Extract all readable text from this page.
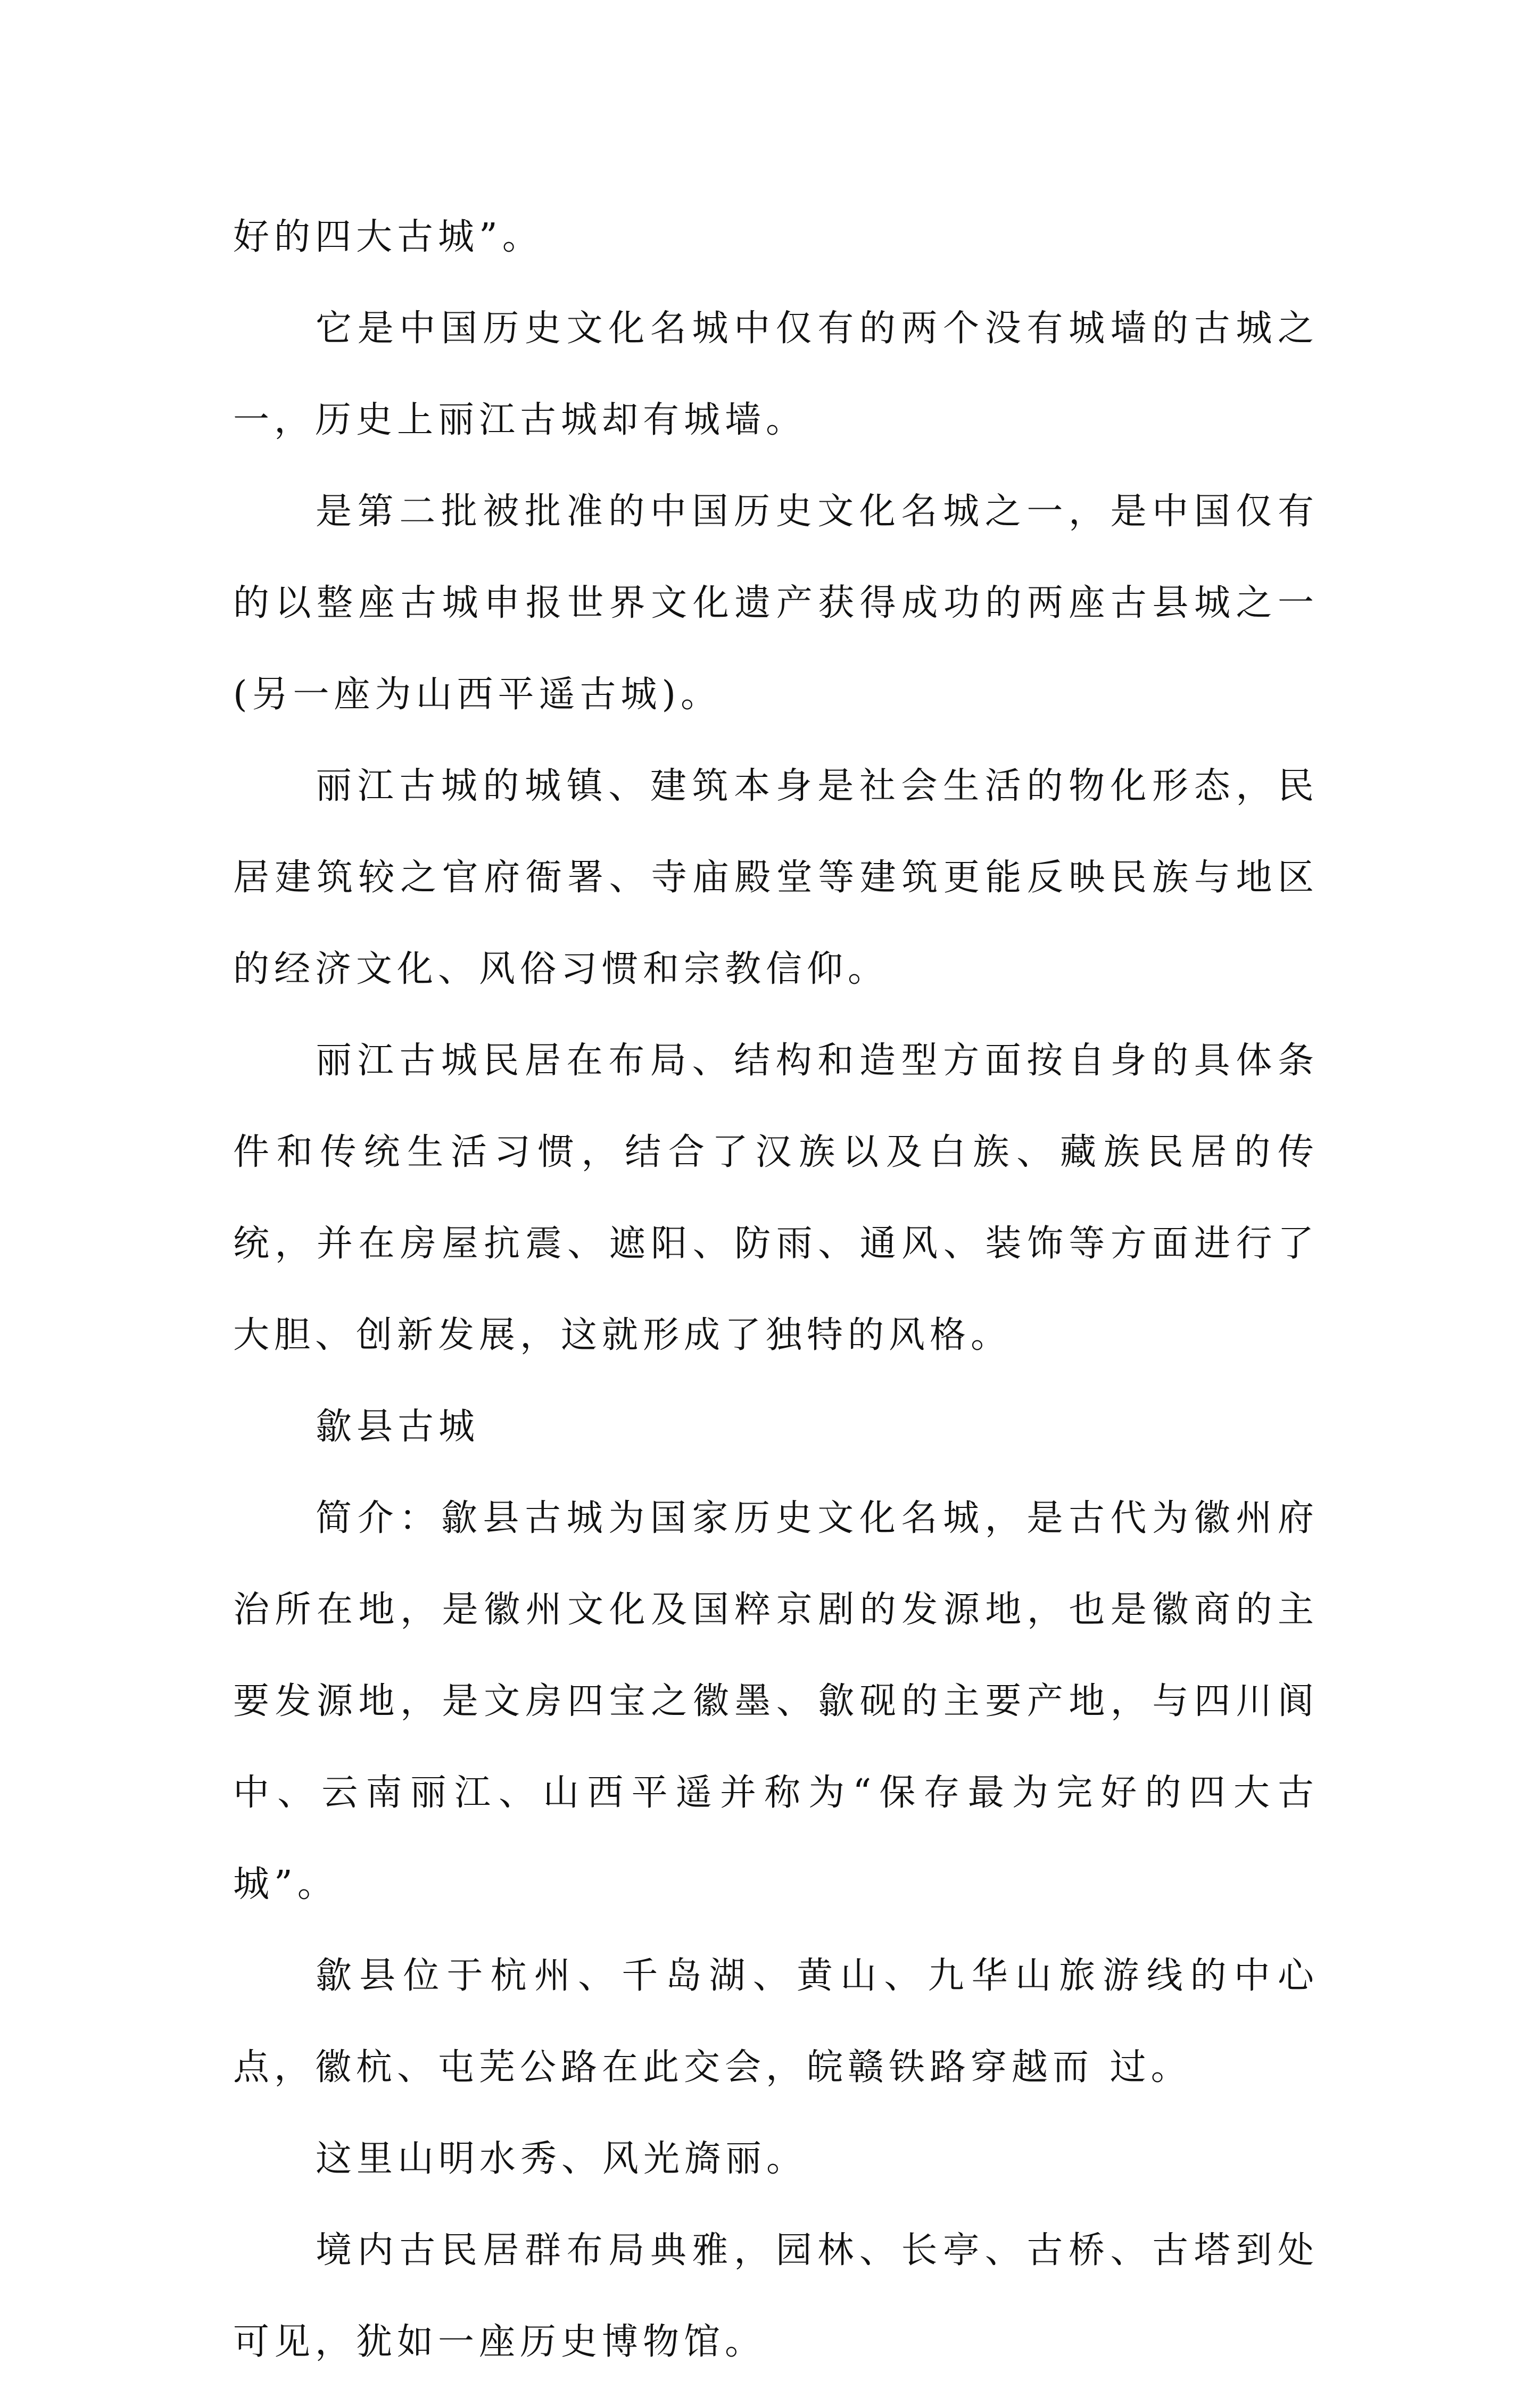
好的四大古城”。

它是中国历史文化名城中仅有的两个没有城墙的古城之一，历史上丽江古城却有城墙。

是第二批被批准的中国历史文化名城之一，是中国仅有的以整座古城申报世界文化遗产获得成功的两座古县城之一(另一座为山西平遥古城)。

丽江古城的城镇、建筑本身是社会生活的物化形态，民居建筑较之官府衙署、寺庙殿堂等建筑更能反映民族与地区的经济文化、风俗习惯和宗教信仰。

丽江古城民居在布局、结构和造型方面按自身的具体条件和传统生活习惯，结合了汉族以及白族、藏族民居的传统，并在房屋抗震、遮阳、防雨、通风、装饰等方面进行了大胆、创新发展，这就形成了独特的风格。

歙县古城

简介：歙县古城为国家历史文化名城，是古代为徽州府治所在地，是徽州文化及国粹京剧的发源地，也是徽商的主要发源地，是文房四宝之徽墨、歙砚的主要产地，与四川阆中、云南丽江、山西平遥并称为“保存最为完好的四大古城”。

歙县位于杭州、千岛湖、黄山、九华山旅游线的中心点，徽杭、屯芜公路在此交会，皖赣铁路穿越而 过。

这里山明水秀、风光旖丽。

境内古民居群布局典雅，园林、长亭、古桥、古塔到处可见，犹如一座历史博物馆。
